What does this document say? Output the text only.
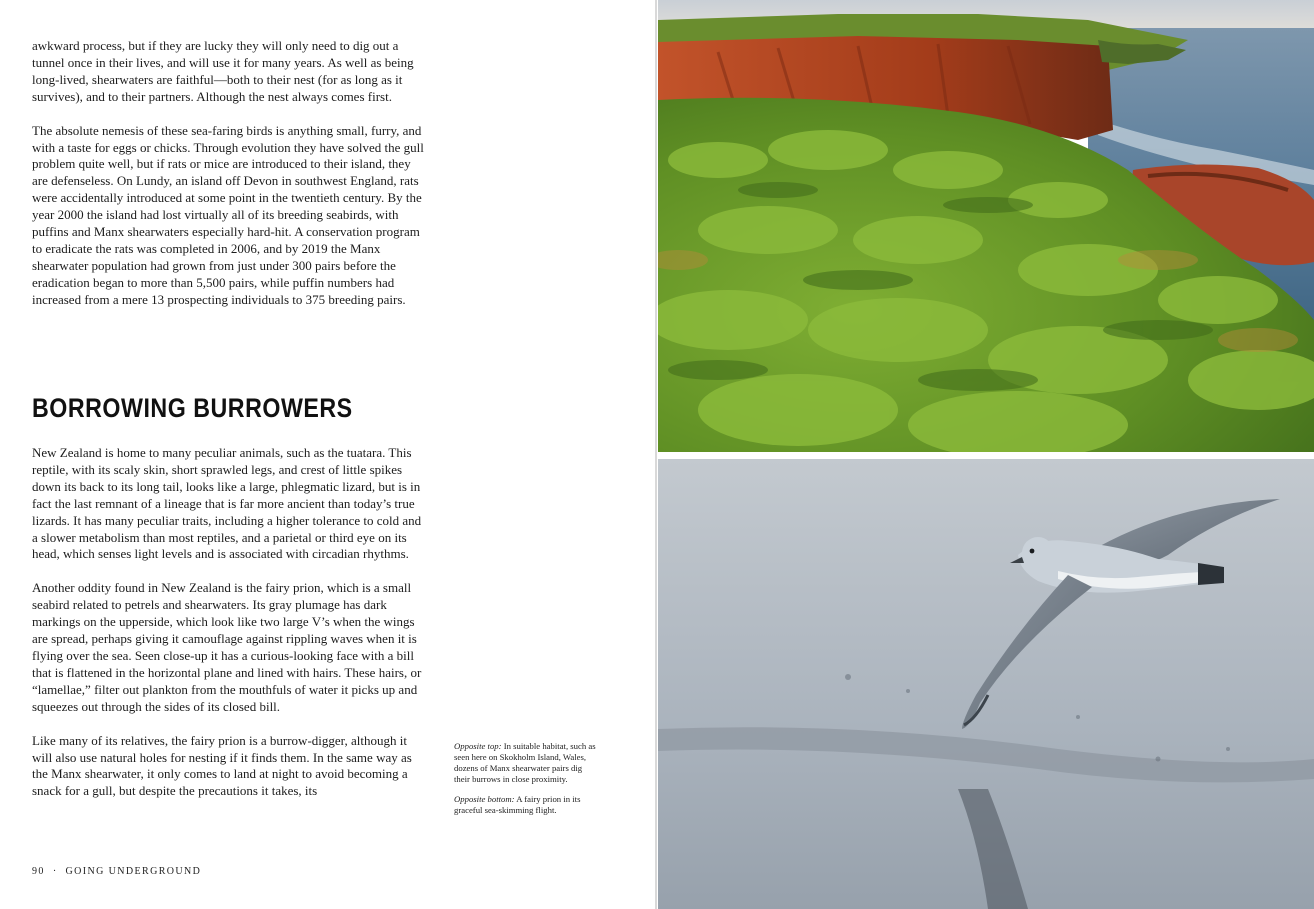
awkward process, but if they are lucky they will only need to dig out a tunnel once in their lives, and will use it for many years. As well as being long-lived, shearwaters are faithful—both to their nest (for as long as it survives), and to their partners. Although the nest always comes first.

The absolute nemesis of these sea-faring birds is anything small, furry, and with a taste for eggs or chicks. Through evolution they have solved the gull problem quite well, but if rats or mice are introduced to their island, they are defenseless. On Lundy, an island off Devon in southwest England, rats were accidentally introduced at some point in the twentieth century. By the year 2000 the island had lost virtually all of its breeding seabirds, with puffins and Manx shearwaters especially hard-hit. A conservation program to eradicate the rats was completed in 2006, and by 2019 the Manx shearwater population had grown from just under 300 pairs before the eradication began to more than 5,500 pairs, while puffin numbers had increased from a mere 13 prospecting individuals to 375 breeding pairs.

BORROWING BURROWERS

New Zealand is home to many peculiar animals, such as the tuatara. This reptile, with its scaly skin, short sprawled legs, and crest of little spikes down its back to its long tail, looks like a large, phlegmatic lizard, but is in fact the last remnant of a lineage that is far more ancient than today’s true lizards. It has many peculiar traits, including a higher tolerance to cold and a slower metabolism than most reptiles, and a parietal or third eye on its head, which senses light levels and is associated with circadian rhythms.

Another oddity found in New Zealand is the fairy prion, which is a small seabird related to petrels and shearwaters. Its gray plumage has dark markings on the upperside, which look like two large V’s when the wings are spread, perhaps giving it camouflage against rippling waves when it is flying over the sea. Seen close-up it has a curious-looking face with a bill that is flattened in the horizontal plane and lined with hairs. These hairs, or “lamellae,” filter out plankton from the mouthfuls of water it picks up and squeezes out through the sides of its closed bill.

Like many of its relatives, the fairy prion is a burrow-digger, although it will also use natural holes for nesting if it finds them. In the same way as the Manx shearwater, it only comes to land at night to avoid becoming a snack for a gull, but despite the precautions it takes, its

Opposite top: In suitable habitat, such as seen here on Skokholm Island, Wales, dozens of Manx shearwater pairs dig their burrows in close proximity.

Opposite bottom: A fairy prion in its graceful sea-skimming flight.

90 · GOING UNDERGROUND
